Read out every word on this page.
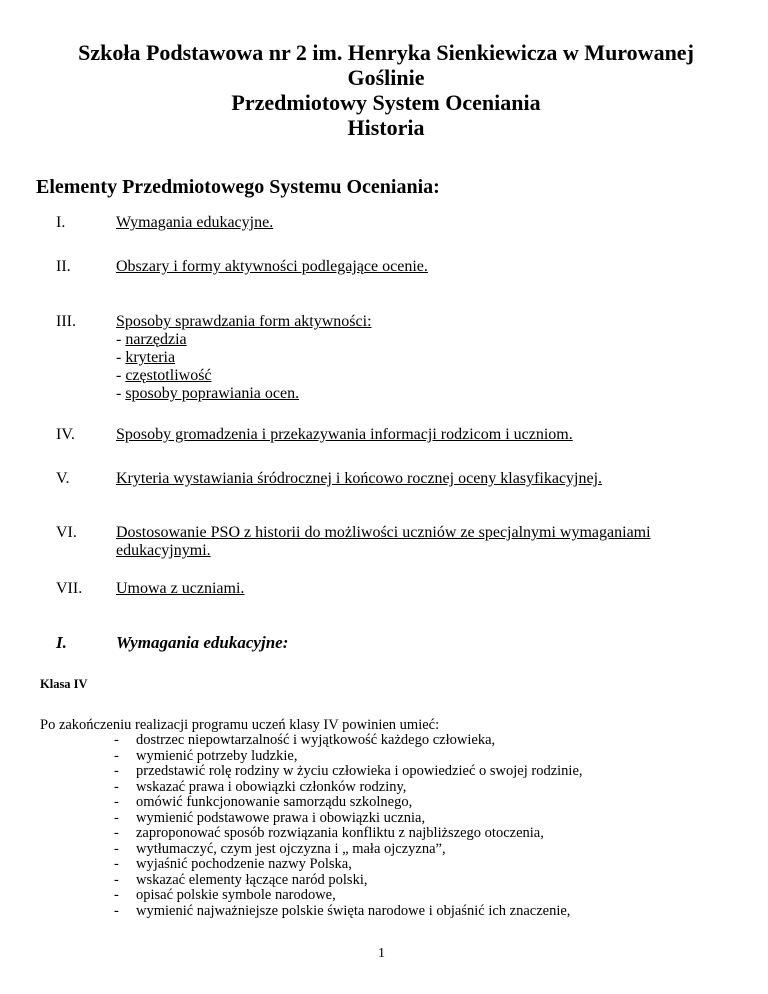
Szkoła Podstawowa nr 2 im. Henryka Sienkiewicza w Murowanej
Goślinie
Przedmiotowy System Oceniania
Historia
Elementy Przedmiotowego Systemu Oceniania:
I.	Wymagania edukacyjne.
II.	Obszary i formy aktywności podlegające ocenie.
III.	Sposoby sprawdzania form aktywności:
- narzędzia
- kryteria
- częstotliwość
- sposoby poprawiania ocen.
IV.	Sposoby gromadzenia i przekazywania informacji rodzicom i uczniom.
V.	Kryteria wystawiania śródrocznej i końcowo rocznej oceny klasyfikacyjnej.
VI.	Dostosowanie PSO z historii do możliwości uczniów ze specjalnymi wymaganiami
edukacyjnymi.
VII.	Umowa z uczniami.
I.	Wymagania edukacyjne:
Klasa IV
Po zakończeniu realizacji programu uczeń klasy IV powinien umieć:
- dostrzec niepowtarzalność i wyjątkowość każdego człowieka,
- wymienić potrzeby ludzkie,
- przedstawić rolę rodziny w życiu człowieka i opowiedzieć o swojej rodzinie,
- wskazać prawa i obowiązki członków rodziny,
- omówić funkcjonowanie samorządu szkolnego,
- wymienić podstawowe prawa i obowiązki ucznia,
- zaproponować sposób rozwiązania konfliktu z najbliższego otoczenia,
- wytłumaczyć, czym jest ojczyzna i „ mała ojczyzna”,
- wyjaśnić pochodzenie nazwy Polska,
- wskazać elementy łączące naród polski,
- opisać polskie symbole narodowe,
- wymienić najważniejsze polskie święta narodowe i objaśnić ich znaczenie,
1
